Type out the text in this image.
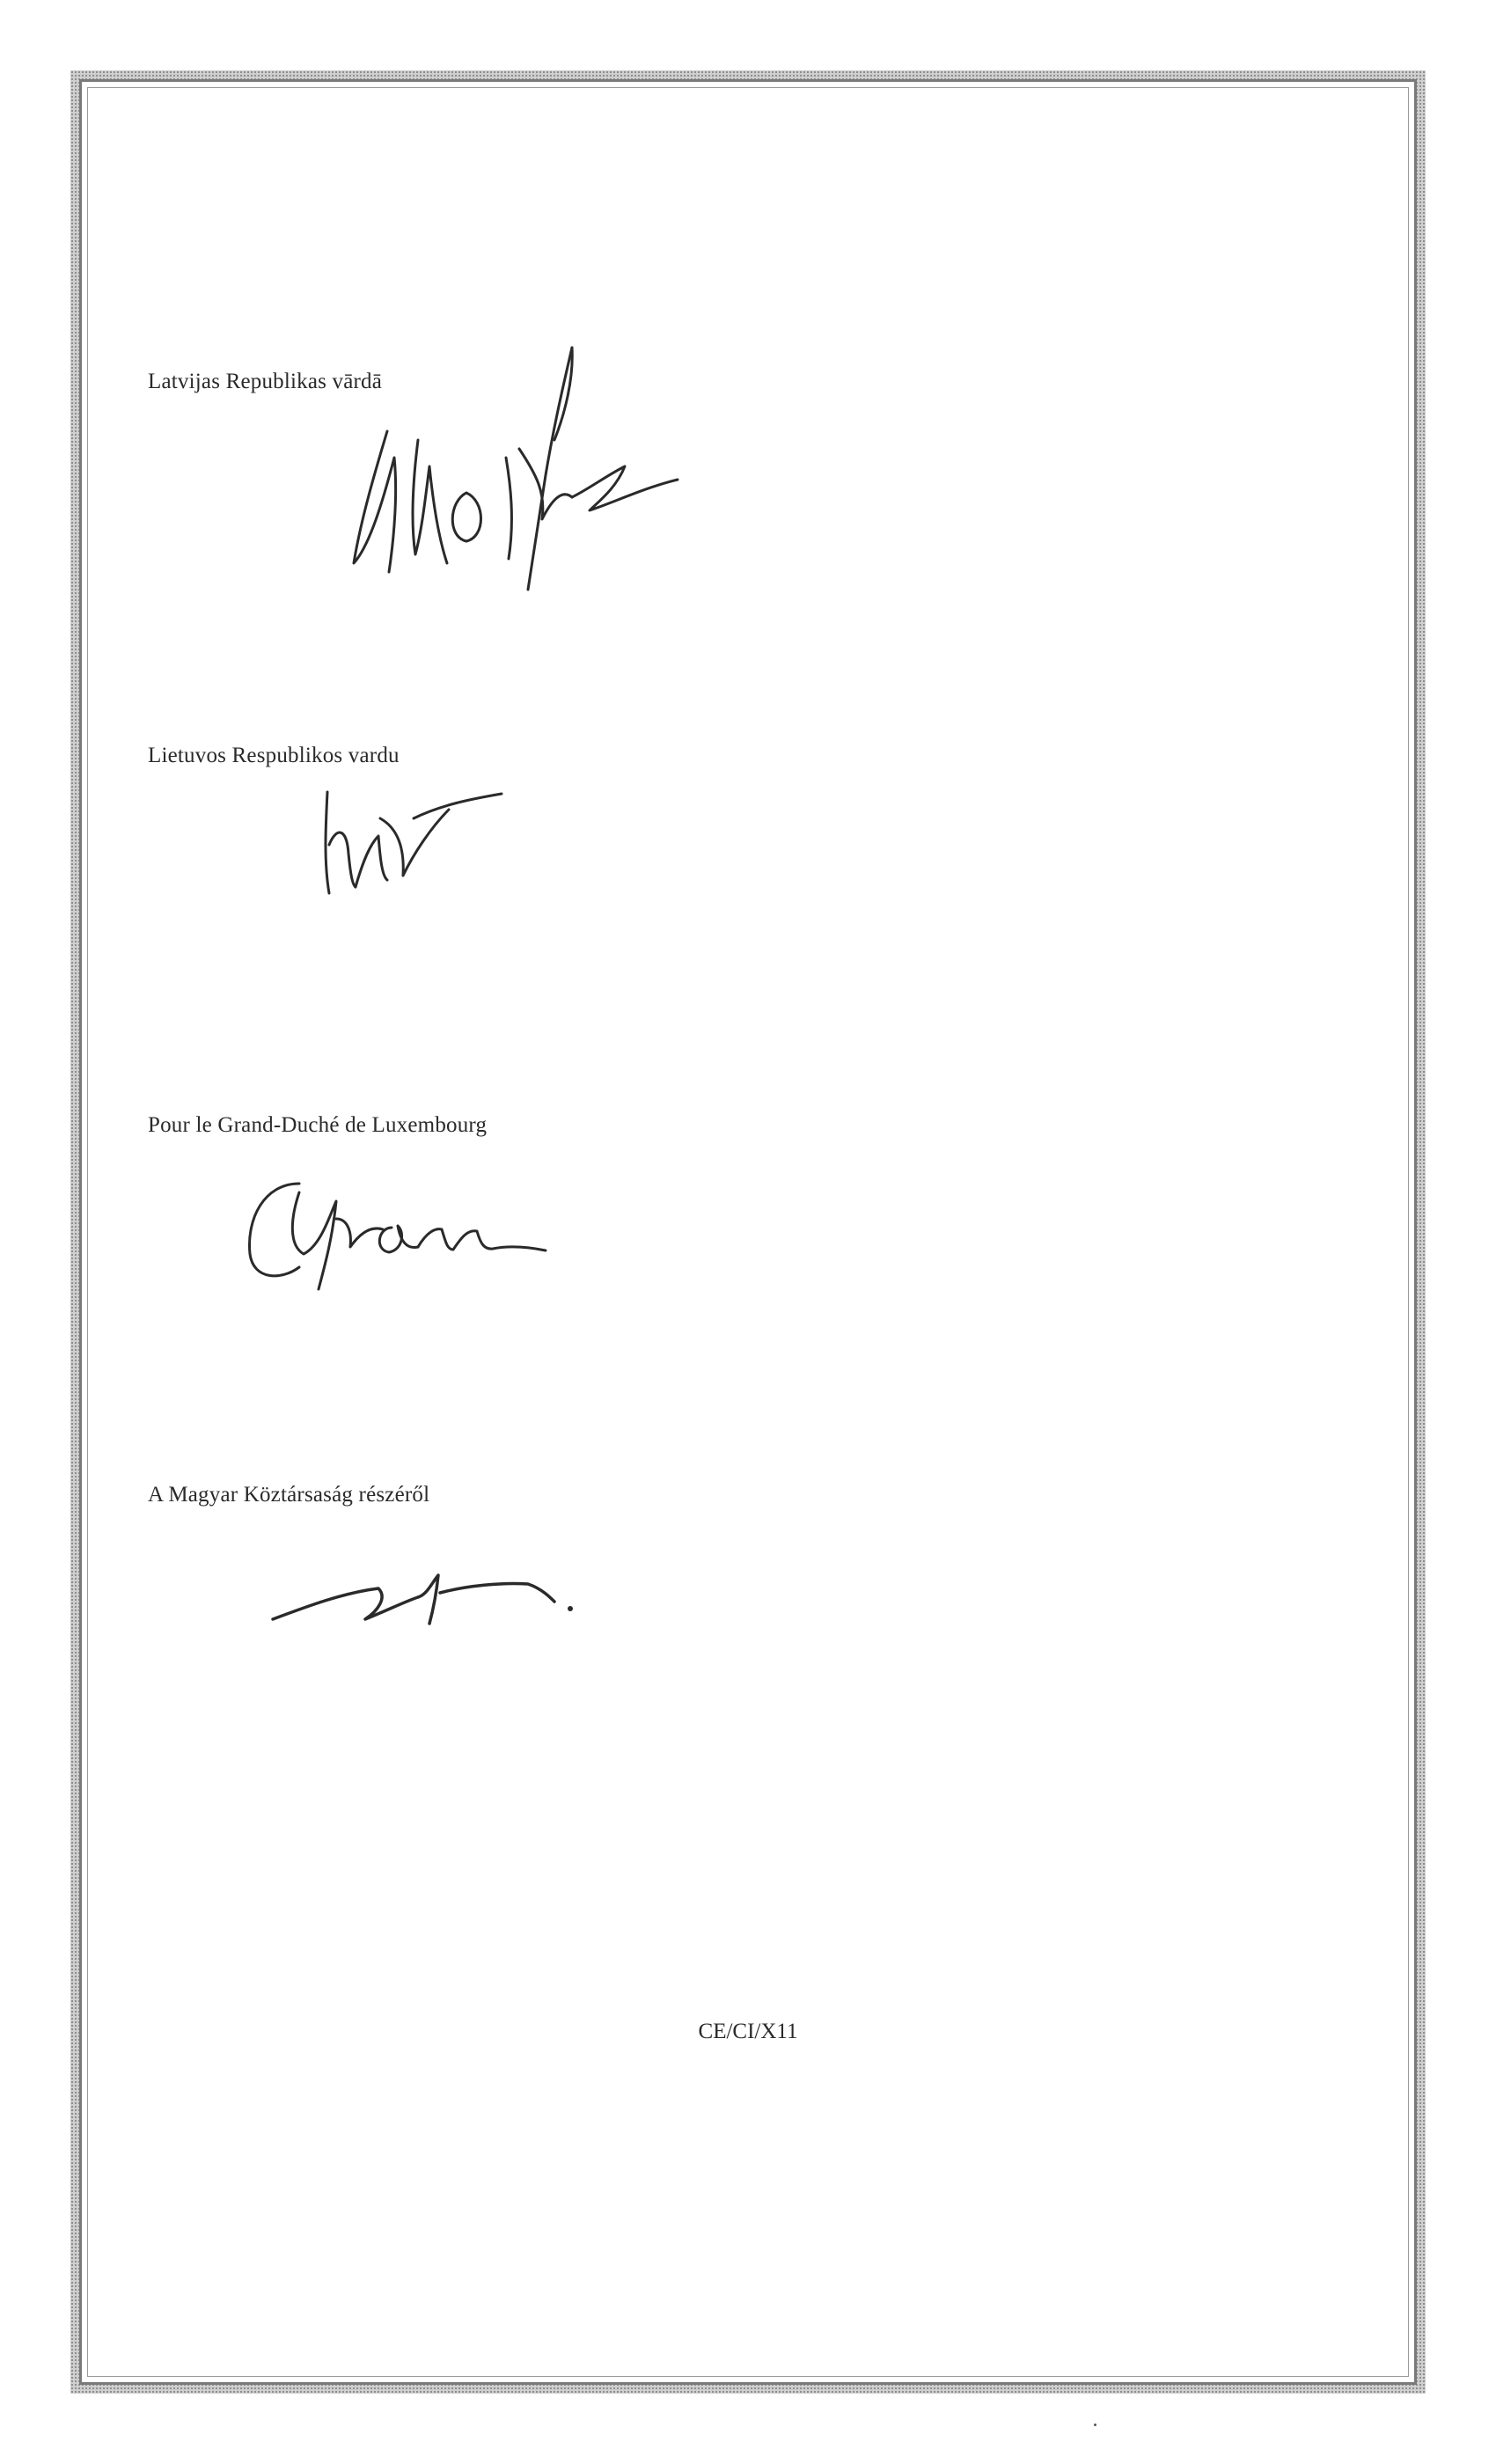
Latvijas Republikas vārdā
Lietuvos Respublikos vardu
Pour le Grand-Duché de Luxembourg
A Magyar Köztársaság részéről
CE/CI/X11
